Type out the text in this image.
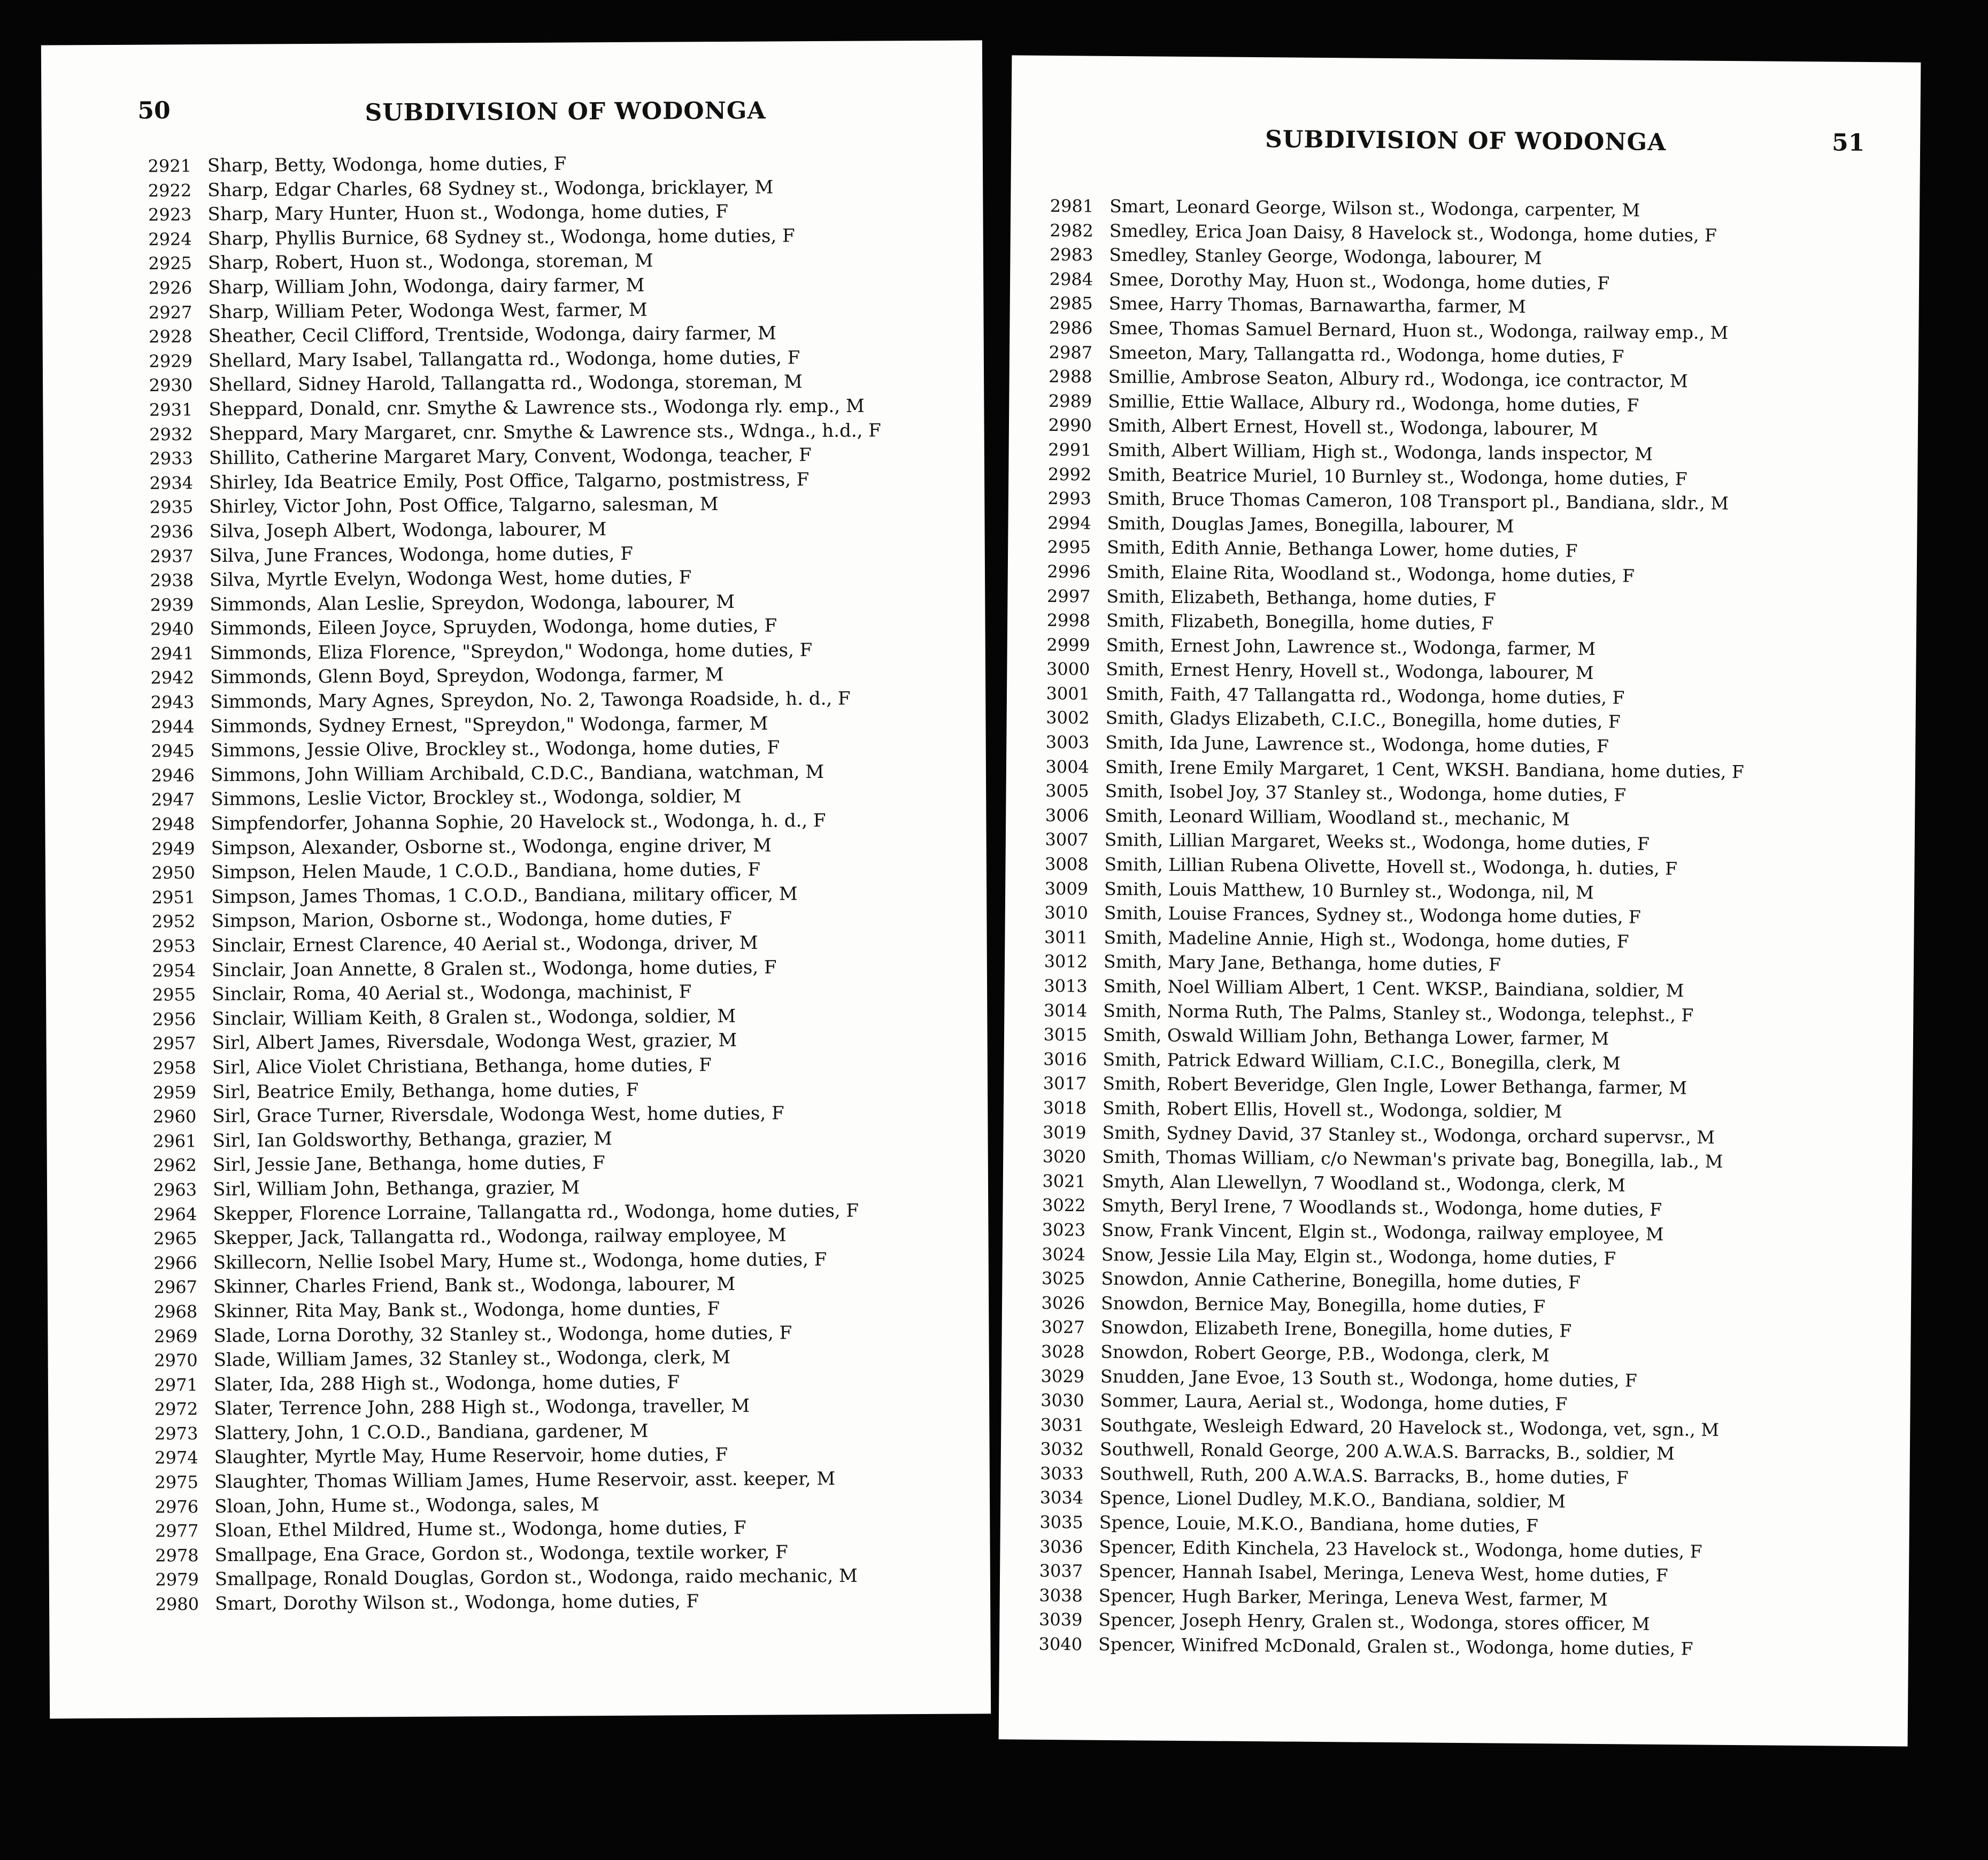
50	SUBDIVISION OF WODONGA
2921 Sharp, Betty, Wodonga, home duties, F
2922 Sharp, Edgar Charles, 68 Sydney st., Wodonga, bricklayer, M
2923 Sharp, Mary Hunter, Huon st., Wodonga, home duties, F
2924 Sharp, Phyllis Burnice, 68 Sydney st., Wodonga, home duties, F
2925 Sharp, Robert, Huon st., Wodonga, storeman, M
2926 Sharp, William John, Wodonga, dairy farmer, M
2927 Sharp, William Peter, Wodonga West, farmer, M
2928 Sheather, Cecil Clifford, Trentside, Wodonga, dairy farmer, M
2929 Shellard, Mary Isabel, Tallangatta rd., Wodonga, home duties, F
2930 Shellard, Sidney Harold, Tallangatta rd., Wodonga, storeman, M
2931 Sheppard, Donald, cnr. Smythe & Lawrence sts., Wodonga rly. emp., M
2932 Sheppard, Mary Margaret, cnr. Smythe & Lawrence sts., Wdnga., h.d., F
2933 Shillito, Catherine Margaret Mary, Convent, Wodonga, teacher, F
2934 Shirley, Ida Beatrice Emily, Post Office, Talgarno, postmistress, F
2935 Shirley, Victor John, Post Office, Talgarno, salesman, M
2936 Silva, Joseph Albert, Wodonga, labourer, M
2937 Silva, June Frances, Wodonga, home duties, F
2938 Silva, Myrtle Evelyn, Wodonga West, home duties, F
2939 Simmonds, Alan Leslie, Spreydon, Wodonga, labourer, M
2940 Simmonds, Eileen Joyce, Spruyden, Wodonga, home duties, F
2941 Simmonds, Eliza Florence, "Spreydon," Wodonga, home duties, F
2942 Simmonds, Glenn Boyd, Spreydon, Wodonga, farmer, M
2943 Simmonds, Mary Agnes, Spreydon, No. 2, Tawonga Roadside, h. d., F
2944 Simmonds, Sydney Ernest, "Spreydon," Wodonga, farmer, M
2945 Simmons, Jessie Olive, Brockley st., Wodonga, home duties, F
2946 Simmons, John William Archibald, C.D.C., Bandiana, watchman, M
2947 Simmons, Leslie Victor, Brockley st., Wodonga, soldier, M
2948 Simpfendorfer, Johanna Sophie, 20 Havelock st., Wodonga, h. d., F
2949 Simpson, Alexander, Osborne st., Wodonga, engine driver, M
2950 Simpson, Helen Maude, 1 C.O.D., Bandiana, home duties, F
2951 Simpson, James Thomas, 1 C.O.D., Bandiana, military officer, M
2952 Simpson, Marion, Osborne st., Wodonga, home duties, F
2953 Sinclair, Ernest Clarence, 40 Aerial st., Wodonga, driver, M
2954 Sinclair, Joan Annette, 8 Gralen st., Wodonga, home duties, F
2955 Sinclair, Roma, 40 Aerial st., Wodonga, machinist, F
2956 Sinclair, William Keith, 8 Gralen st., Wodonga, soldier, M
2957 Sirl, Albert James, Riversdale, Wodonga West, grazier, M
2958 Sirl, Alice Violet Christiana, Bethanga, home duties, F
2959 Sirl, Beatrice Emily, Bethanga, home duties, F
2960 Sirl, Grace Turner, Riversdale, Wodonga West, home duties, F
2961 Sirl, Ian Goldsworthy, Bethanga, grazier, M
2962 Sirl, Jessie Jane, Bethanga, home duties, F
2963 Sirl, William John, Bethanga, grazier, M
2964 Skepper, Florence Lorraine, Tallangatta rd., Wodonga, home duties, F
2965 Skepper, Jack, Tallangatta rd., Wodonga, railway employee, M
2966 Skillecorn, Nellie Isobel Mary, Hume st., Wodonga, home duties, F
2967 Skinner, Charles Friend, Bank st., Wodonga, labourer, M
2968 Skinner, Rita May, Bank st., Wodonga, home dunties, F
2969 Slade, Lorna Dorothy, 32 Stanley st., Wodonga, home duties, F
2970 Slade, William James, 32 Stanley st., Wodonga, clerk, M
2971 Slater, Ida, 288 High st., Wodonga, home duties, F
2972 Slater, Terrence John, 288 High st., Wodonga, traveller, M
2973 Slattery, John, 1 C.O.D., Bandiana, gardener, M
2974 Slaughter, Myrtle May, Hume Reservoir, home duties, F
2975 Slaughter, Thomas William James, Hume Reservoir, asst. keeper, M
2976 Sloan, John, Hume st., Wodonga, sales, M
2977 Sloan, Ethel Mildred, Hume st., Wodonga, home duties, F
2978 Smallpage, Ena Grace, Gordon st., Wodonga, textile worker, F
2979 Smallpage, Ronald Douglas, Gordon st., Wodonga, raido mechanic, M
2980 Smart, Dorothy Wilson st., Wodonga, home duties, F
51
SUBDIVISION OF WODONGA
2981 Smart, Leonard George, Wilson st., Wodonga, carpenter, M
2982 Smedley, Erica Joan Daisy, 8 Havelock st., Wodonga, home duties, F
2983 Smedley, Stanley George, Wodonga, labourer, M
2984 Smee, Dorothy May, Huon st., Wodonga, home duties, F
2985 Smee, Harry Thomas, Barnawartha, farmer, M
2986 Smee, Thomas Samuel Bernard, Huon st., Wodonga, railway emp., M
2987 Smeeton, Mary, Tallangatta rd., Wodonga, home duties, F
2988 Smillie, Ambrose Seaton, Albury rd., Wodonga, ice contractor, M
2989 Smillie, Ettie Wallace, Albury rd., Wodonga, home duties, F
2990 Smith, Albert Ernest, Hovell st., Wodonga, labourer, M
2991 Smith, Albert William, High st., Wodonga, lands inspector, M
2992 Smith, Beatrice Muriel, 10 Burnley st., Wodonga, home duties, F
2993 Smith, Bruce Thomas Cameron, 108 Transport pl., Bandiana, sldr., M
2994 Smith, Douglas James, Bonegilla, labourer, M
2995 Smith, Edith Annie, Bethanga Lower, home duties, F
2996 Smith, Elaine Rita, Woodland st., Wodonga, home duties, F
2997 Smith, Elizabeth, Bethanga, home duties, F
2998 Smith, Flizabeth, Bonegilla, home duties, F
2999 Smith, Ernest John, Lawrence st., Wodonga, farmer, M
3000 Smith, Ernest Henry, Hovell st., Wodonga, labourer, M
3001 Smith, Faith, 47 Tallangatta rd., Wodonga, home duties, F
3002 Smith, Gladys Elizabeth, C.I.C., Bonegilla, home duties, F
3003 Smith, Ida June, Lawrence st., Wodonga, home duties, F
3004 Smith, Irene Emily Margaret, 1 Cent, WKSH. Bandiana, home duties, F
3005 Smith, Isobel Joy, 37 Stanley st., Wodonga, home duties, F
3006 Smith, Leonard William, Woodland st., mechanic, M
3007 Smith, Lillian Margaret, Weeks st., Wodonga, home duties, F
3008 Smith, Lillian Rubena Olivette, Hovell st., Wodonga, h. duties, F
3009 Smith, Louis Matthew, 10 Burnley st., Wodonga, nil, M
3010 Smith, Louise Frances, Sydney st., Wodonga home duties, F
3011 Smith, Madeline Annie, High st., Wodonga, home duties, F
3012 Smith, Mary Jane, Bethanga, home duties, F
3013 Smith, Noel William Albert, 1 Cent. WKSP., Baindiana, soldier, M
3014 Smith, Norma Ruth, The Palms, Stanley st., Wodonga, telephst., F
3015 Smith, Oswald William John, Bethanga Lower, farmer, M
3016 Smith, Patrick Edward William, C.I.C., Bonegilla, clerk, M
3017 Smith, Robert Beveridge, Glen Ingle, Lower Bethanga, farmer, M
3018 Smith, Robert Ellis, Hovell st., Wodonga, soldier, M
3019 Smith, Sydney David, 37 Stanley st., Wodonga, orchard supervsr., M
3020 Smith, Thomas William, c/o Newman's private bag, Bonegilla, lab., M
3021 Smyth, Alan Llewellyn, 7 Woodland st., Wodonga, clerk, M
3022 Smyth, Beryl Irene, 7 Woodlands st., Wodonga, home duties, F
3023 Snow, Frank Vincent, Elgin st., Wodonga, railway employee, M
3024 Snow, Jessie Lila May, Elgin st., Wodonga, home duties, F
3025 Snowdon, Annie Catherine, Bonegilla, home duties, F
3026 Snowdon, Bernice May, Bonegilla, home duties, F
3027 Snowdon, Elizabeth Irene, Bonegilla, home duties, F
3028 Snowdon, Robert George, P.B., Wodonga, clerk, M
3029 Snudden, Jane Evoe, 13 South st., Wodonga, home duties, F
3030 Sommer, Laura, Aerial st., Wodonga, home duties, F
3031 Southgate, Wesleigh Edward, 20 Havelock st., Wodonga, vet, sgn., M
3032 Southwell, Ronald George, 200 A.W.A.S. Barracks, B., soldier, M
3033 Southwell, Ruth, 200 A.W.A.S. Barracks, B., home duties, F
3034 Spence, Lionel Dudley, M.K.O., Bandiana, soldier, M
3035 Spence, Louie, M.K.O., Bandiana, home duties, F
3036 Spencer, Edith Kinchela, 23 Havelock st., Wodonga, home duties, F
3037 Spencer, Hannah Isabel, Meringa, Leneva West, home duties, F
3038 Spencer, Hugh Barker, Meringa, Leneva West, farmer, M
3039 Spencer, Joseph Henry, Gralen st., Wodonga, stores officer, M
3040 Spencer, Winifred McDonald, Gralen st., Wodonga, home duties, F
